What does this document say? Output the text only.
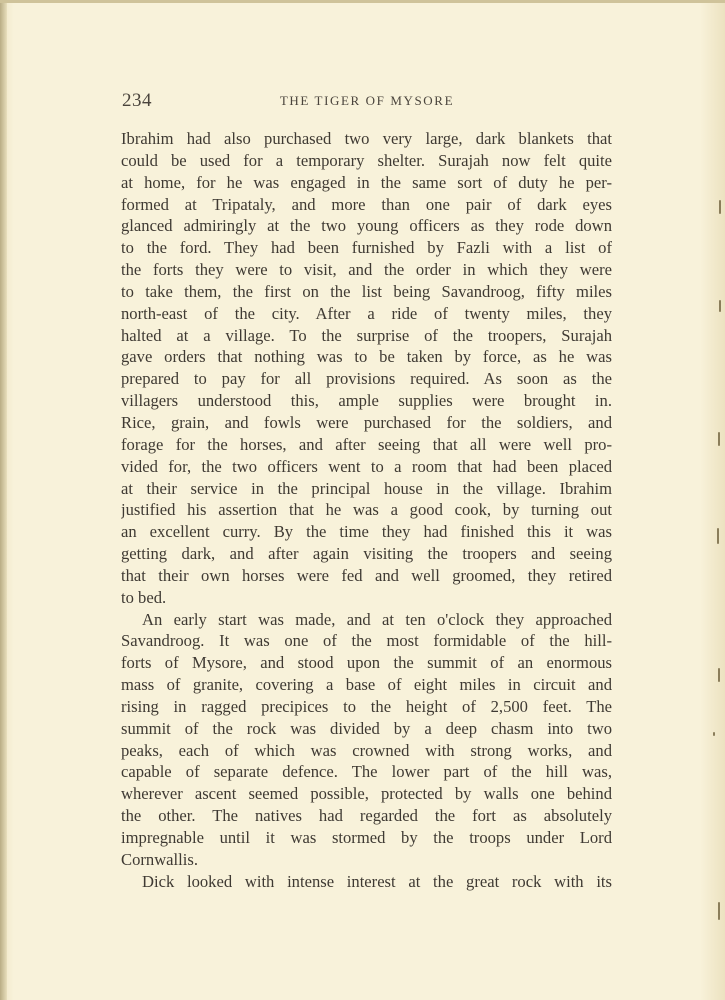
234	THE TIGER OF MYSORE
Ibrahim had also purchased two very large, dark blankets that
could be used for a temporary shelter. Surajah now felt quite
at home, for he was engaged in the same sort of duty he per-
formed at Tripataly, and more than one pair of dark eyes
glanced admiringly at the two young officers as they rode down
to the ford. They had been furnished by Fazli with a list of
the forts they were to visit, and the order in which they were
to take them, the first on the list being Savandroog, fifty miles
north-east of the city. After a ride of twenty miles, they
halted at a village. To the surprise of the troopers, Surajah
gave orders that nothing was to be taken by force, as he was
prepared to pay for all provisions required. As soon as the
villagers understood this, ample supplies were brought in.
Rice, grain, and fowls were purchased for the soldiers, and
forage for the horses, and after seeing that all were well pro-
vided for, the two officers went to a room that had been placed
at their service in the principal house in the village. Ibrahim
justified his assertion that he was a good cook, by turning out
an excellent curry. By the time they had finished this it was
getting dark, and after again visiting the troopers and seeing
that their own horses were fed and well groomed, they retired
to bed.
An early start was made, and at ten o'clock they approached
Savandroog. It was one of the most formidable of the hill-
forts of Mysore, and stood upon the summit of an enormous
mass of granite, covering a base of eight miles in circuit and
rising in ragged precipices to the height of 2,500 feet. The
summit of the rock was divided by a deep chasm into two
peaks, each of which was crowned with strong works, and
capable of separate defence. The lower part of the hill was,
wherever ascent seemed possible, protected by walls one behind
the other. The natives had regarded the fort as absolutely
impregnable until it was stormed by the troops under Lord
Cornwallis.
Dick looked with intense interest at the great rock with its
